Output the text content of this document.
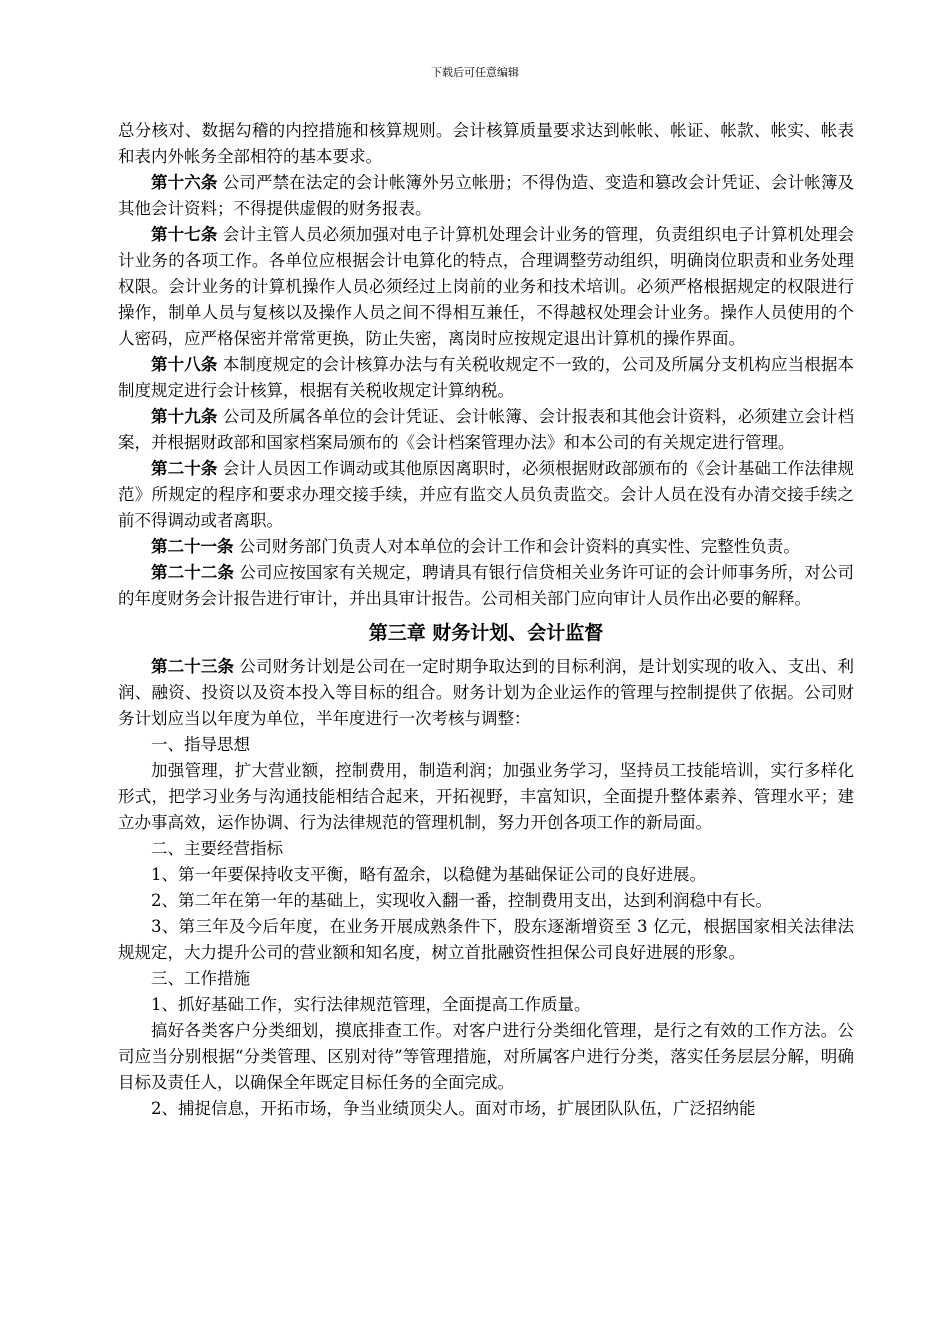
下载后可任意编辑

总分核对、数据勾稽的内控措施和核算规则。会计核算质量要求达到帐帐、帐证、帐款、帐实、帐表和表内外帐务全部相符的基本要求。

第十六条 公司严禁在法定的会计帐簿外另立帐册；不得伪造、变造和篡改会计凭证、会计帐簿及其他会计资料；不得提供虚假的财务报表。

第十七条 会计主管人员必须加强对电子计算机处理会计业务的管理，负责组织电子计算机处理会计业务的各项工作。各单位应根据会计电算化的特点，合理调整劳动组织，明确岗位职责和业务处理权限。会计业务的计算机操作人员必须经过上岗前的业务和技术培训。必须严格根据规定的权限进行操作，制单人员与复核以及操作人员之间不得相互兼任，不得越权处理会计业务。操作人员使用的个人密码，应严格保密并常常更换，防止失密，离岗时应按规定退出计算机的操作界面。

第十八条 本制度规定的会计核算办法与有关税收规定不一致的，公司及所属分支机构应当根据本制度规定进行会计核算，根据有关税收规定计算纳税。

第十九条 公司及所属各单位的会计凭证、会计帐簿、会计报表和其他会计资料，必须建立会计档案，并根据财政部和国家档案局颁布的《会计档案管理办法》和本公司的有关规定进行管理。

第二十条 会计人员因工作调动或其他原因离职时，必须根据财政部颁布的《会计基础工作法律规范》所规定的程序和要求办理交接手续，并应有监交人员负责监交。会计人员在没有办清交接手续之前不得调动或者离职。

第二十一条 公司财务部门负责人对本单位的会计工作和会计资料的真实性、完整性负责。

第二十二条 公司应按国家有关规定，聘请具有银行信贷相关业务许可证的会计师事务所，对公司的年度财务会计报告进行审计，并出具审计报告。公司相关部门应向审计人员作出必要的解释。

第三章 财务计划、会计监督

第二十三条 公司财务计划是公司在一定时期争取达到的目标利润，是计划实现的收入、支出、利润、融资、投资以及资本投入等目标的组合。财务计划为企业运作的管理与控制提供了依据。公司财务计划应当以年度为单位，半年度进行一次考核与调整：

一、指导思想

加强管理，扩大营业额，控制费用，制造利润；加强业务学习，坚持员工技能培训，实行多样化形式，把学习业务与沟通技能相结合起来，开拓视野，丰富知识，全面提升整体素养、管理水平；建立办事高效，运作协调、行为法律规范的管理机制，努力开创各项工作的新局面。

二、主要经营指标

1、第一年要保持收支平衡，略有盈余，以稳健为基础保证公司的良好进展。

2、第二年在第一年的基础上，实现收入翻一番，控制费用支出，达到利润稳中有长。

3、第三年及今后年度，在业务开展成熟条件下，股东逐渐增资至 3 亿元，根据国家相关法律法规规定，大力提升公司的营业额和知名度，树立首批融资性担保公司良好进展的形象。

三、工作措施

1、抓好基础工作，实行法律规范管理，全面提高工作质量。

搞好各类客户分类细划，摸底排查工作。对客户进行分类细化管理，是行之有效的工作方法。公司应当分别根据“分类管理、区别对待”等管理措施，对所属客户进行分类，落实任务层层分解，明确目标及责任人，以确保全年既定目标任务的全面完成。

2、捕捉信息，开拓市场，争当业绩顶尖人。面对市场，扩展团队队伍，广泛招纳能
